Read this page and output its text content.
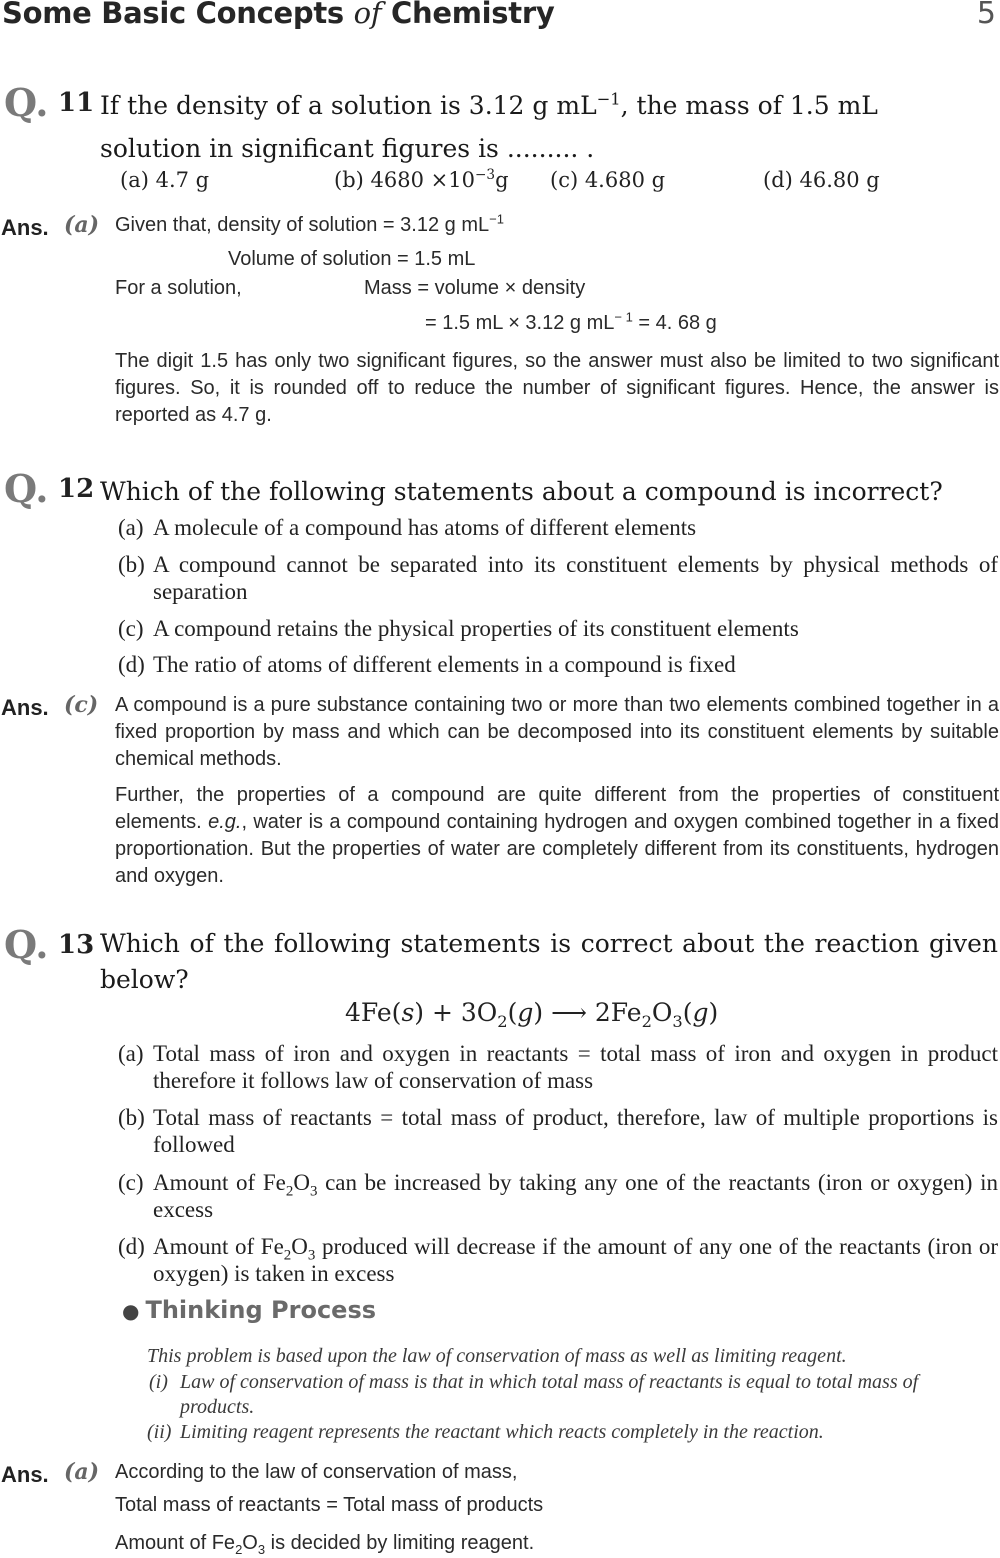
Some Basic Concepts of Chemistry	5
Q. 11 If the density of a solution is 3.12 g $mL^{-1}$, the mass of 1.5 mL
solution in significant figures is ......... .
(a) 4.7 g	(b) $4680 \times 10^{-3}g$ (c) 4.680 g	(d) 46.80 g
Ans. (a) Given that, density of solution = 3.12 g $mL^{-1}$
Volume of solution = 1.5 mL
For a solution,	Mass = volume × density
= 1.5 mL × 3.12 g $mL^{- 1} = 4$. 68 g
The digit 1.5 has only two significant figures, so the answer must also be limited to two significant figures. So, it is rounded off to reduce the number of significant figures. Hence, the answer is reported as 4.7 g.
Q. 12 Which of the following statements about a compound is incorrect?
(a) A molecule of a compound has atoms of different elements
(b) A compound cannot be separated into its constituent elements by physical methods of separation
(c) A compound retains the physical properties of its constituent elements
(d) The ratio of atoms of different elements in a compound is fixed
Ans. (c) A compound is a pure substance containing two or more than two elements combined together in a fixed proportion by mass and which can be decomposed into its constituent elements by suitable chemical methods.
Further, the properties of a compound are quite different from the properties of constituent elements. e.g., water is a compound containing hydrogen and oxygen combined together in a fixed proportionation. But the properties of water are completely different from its constituents, hydrogen and oxygen.
Q. 13 Which of the following statements is correct about the reaction given below?
$4Fe(s) + 3O_2(g)$ ⟶ $2Fe_2O_3(g)$
(a) Total mass of iron and oxygen in reactants = total mass of iron and oxygen in product therefore it follows law of conservation of mass
(b) Total mass of reactants = total mass of product, therefore, law of multiple proportions is followed
(c) Amount of $Fe_2O_3$ can be increased by taking any one of the reactants (iron or oxygen) in excess
(d) Amount of $Fe_2O_3$ produced will decrease if the amount of any one of the reactants (iron or oxygen) is taken in excess
● Thinking Process
This problem is based upon the law of conservation of mass as well as limiting reagent.
(i) Law of conservation of mass is that in which total mass of reactants is equal to total mass of products.
(ii) Limiting reagent represents the reactant which reacts completely in the reaction.
Ans. (a) According to the law of conservation of mass,
Total mass of reactants = Total mass of products
Amount of $Fe_2O_3$ is decided by limiting reagent.
